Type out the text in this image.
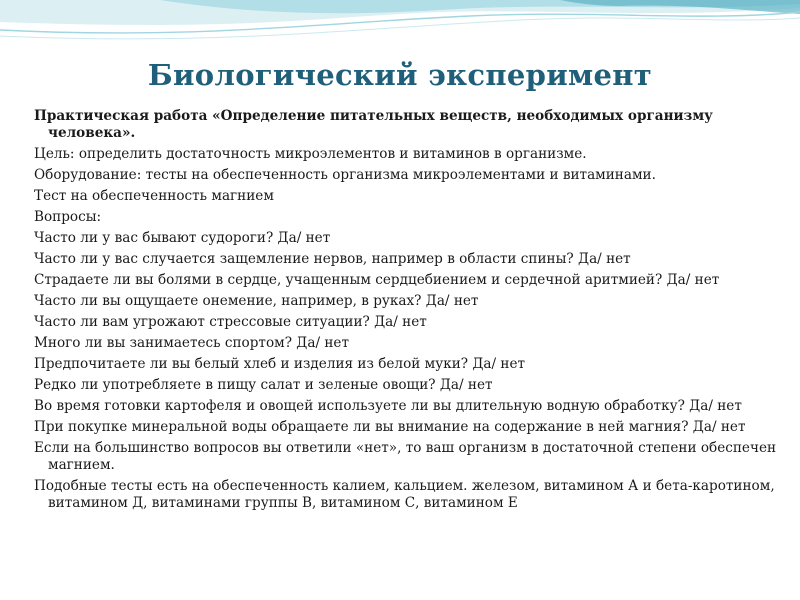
Биологический эксперимент

Практическая работа «Определение питательных веществ, необходимых организму человека».

Цель: определить достаточность микроэлементов и витаминов в организме.

Оборудование: тесты на обеспеченность организма микроэлементами и витаминами.

Тест на обеспеченность магнием

Вопросы:

Часто ли у вас бывают судороги? Да/ нет

Часто ли у вас случается защемление нервов, например в области спины? Да/ нет

Страдаете ли вы болями в сердце, учащенным сердцебиением и сердечной аритмией? Да/ нет

Часто ли вы ощущаете онемение, например, в руках? Да/ нет

Часто ли вам угрожают стрессовые ситуации? Да/ нет

Много ли вы занимаетесь спортом? Да/ нет

Предпочитаете ли вы белый хлеб и изделия из белой муки? Да/ нет

Редко ли употребляете в пищу салат и зеленые овощи? Да/ нет

Во время готовки картофеля и овощей используете ли вы длительную водную обработку? Да/ нет

При покупке минеральной воды обращаете ли вы внимание на содержание в ней магния? Да/ нет

Если на большинство вопросов вы ответили «нет», то ваш организм в достаточной степени обеспечен магнием.

Подобные тесты есть на обеспеченность калием, кальцием. железом, витамином А и бета-каротином, витамином Д, витаминами группы В, витамином С, витамином Е
